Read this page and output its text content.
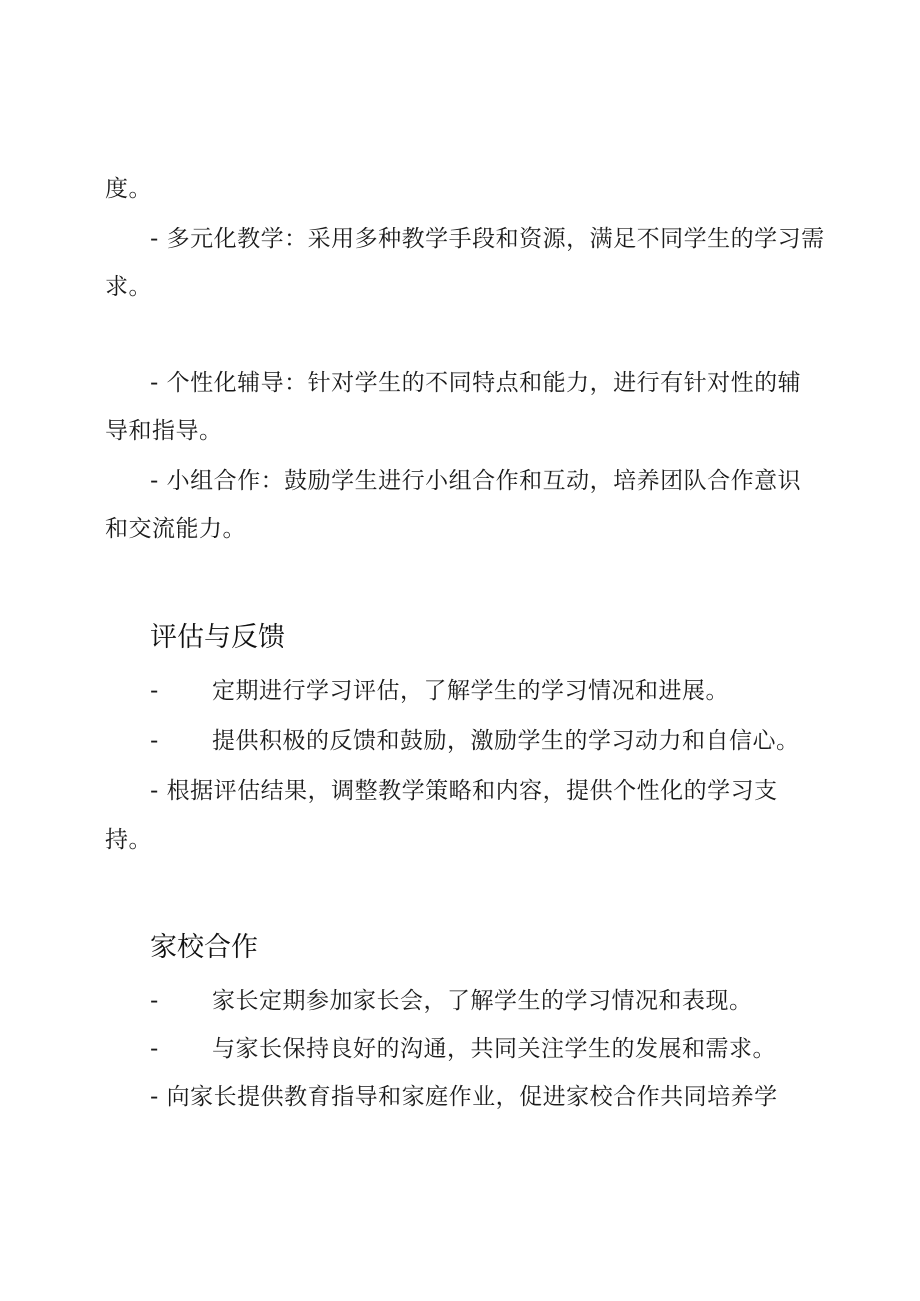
度。
- 多元化教学：采用多种教学手段和资源，满足不同学生的学习需
求。
- 个性化辅导：针对学生的不同特点和能力，进行有针对性的辅
导和指导。
- 小组合作：鼓励学生进行小组合作和互动，培养团队合作意识
和交流能力。
评估与反馈
- 定期进行学习评估，了解学生的学习情况和进展。
- 提供积极的反馈和鼓励，激励学生的学习动力和自信心。
- 根据评估结果，调整教学策略和内容，提供个性化的学习支
持。
家校合作
- 家长定期参加家长会，了解学生的学习情况和表现。
- 与家长保持良好的沟通，共同关注学生的发展和需求。
- 向家长提供教育指导和家庭作业，促进家校合作共同培养学
